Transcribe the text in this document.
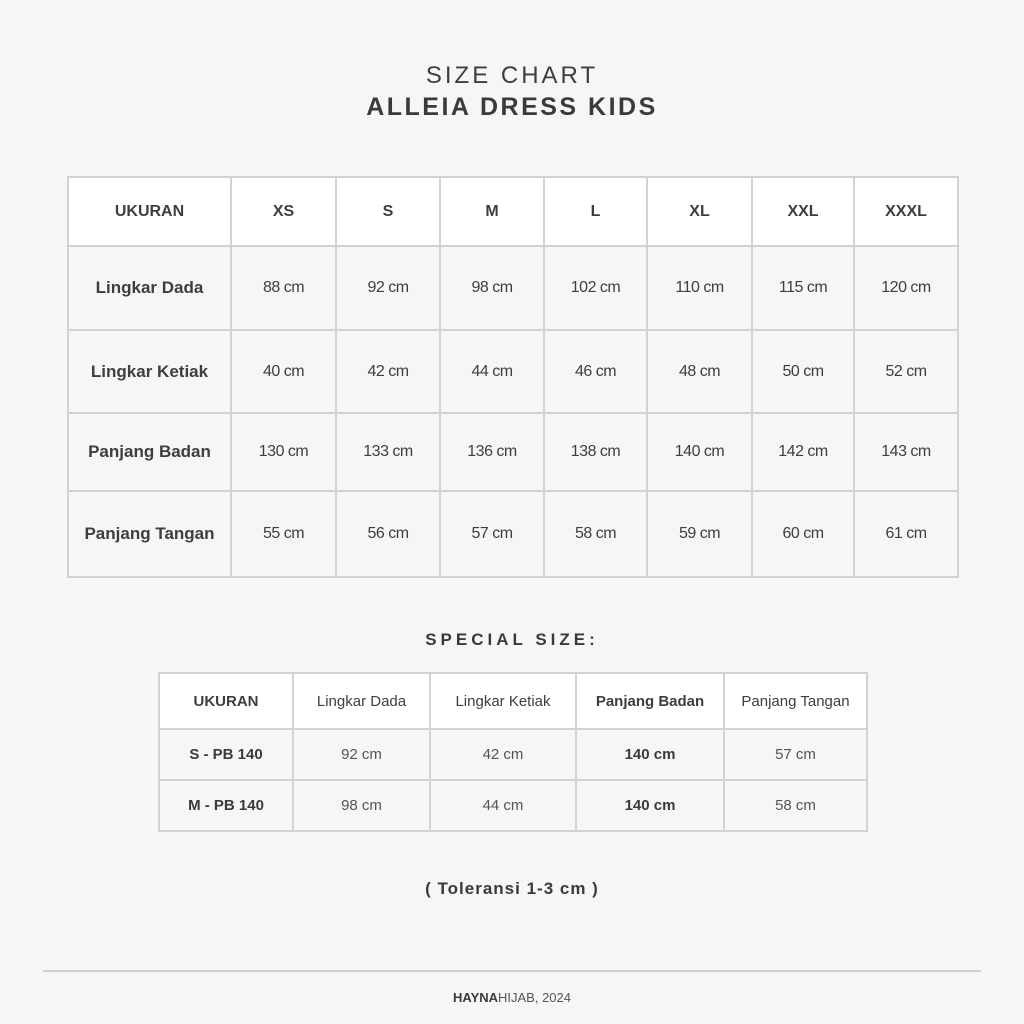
SIZE CHART
ALLEIA DRESS KIDS
UKURAN	XS	S	M	L	XL	XXL	XXXL
Lingkar Dada	88 cm	92 cm	98 cm	102 cm	110 cm	115 cm	120 cm
Lingkar Ketiak	40 cm	42 cm	44 cm	46 cm	48 cm	50 cm	52 cm
Panjang Badan	130 cm	133 cm	136 cm	138 cm	140 cm	142 cm	143 cm
Panjang Tangan	55 cm	56 cm	57 cm	58 cm	59 cm	60 cm	61 cm
SPECIAL SIZE:
UKURAN	Lingkar Dada	Lingkar Ketiak	Panjang Badan	Panjang Tangan
S - PB 140	92 cm	42 cm	140 cm	57 cm
M - PB 140	98 cm	44 cm	140 cm	58 cm
( Toleransi 1-3 cm )
HAYNAHIJAB, 2024
